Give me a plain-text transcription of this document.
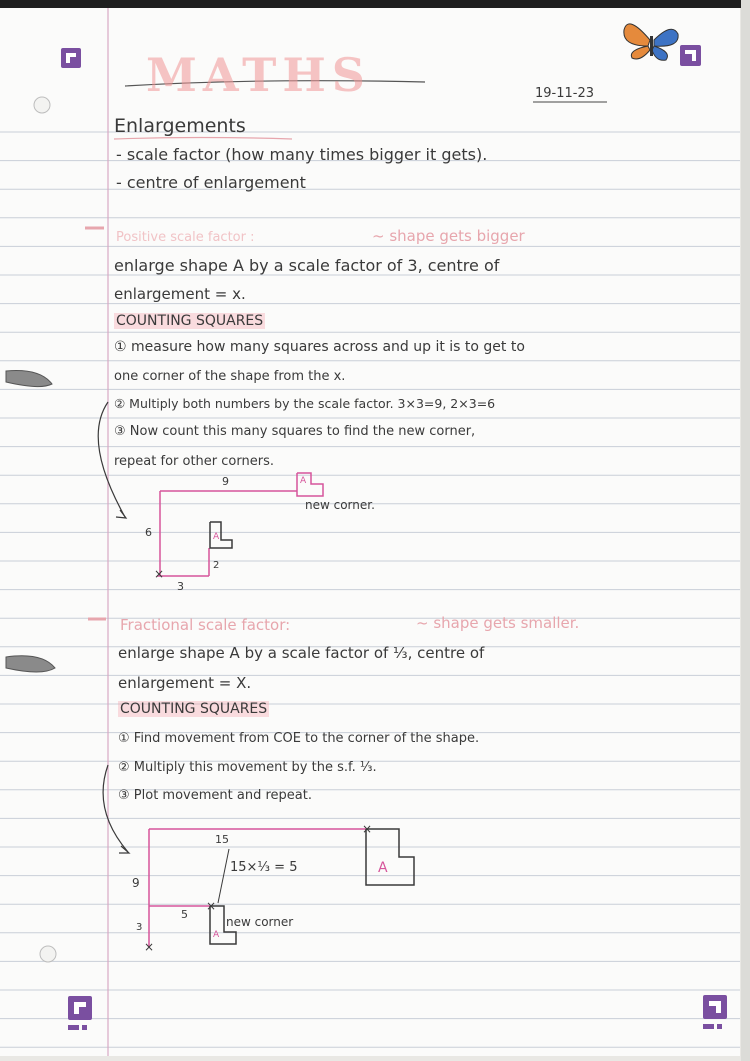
×
×
×
×
MATHS	19-11-23
Enlargements
- scale factor (how many times bigger it gets).
- centre of enlargement
Positive scale factor :	~ shape gets bigger
enlarge shape A by a scale factor of 3, centre of
enlargement = x.
COUNTING SQUARES
① measure how many squares across and up it is to get to
one corner of the shape from the x.
② Multiply both numbers by the scale factor. 3×3=9, 2×3=6
③ Now count this many squares to find the new corner,
repeat for other corners.
9
6
3
2
A
A
new corner.
Fractional scale factor:	~ shape gets smaller.
enlarge shape A by a scale factor of ⅓, centre of
enlargement = X.
COUNTING SQUARES
① Find movement from COE to the corner of the shape.
② Multiply this movement by the s.f. ⅓.
③ Plot movement and repeat.
15
15×⅓ = 5
9
5
3
A
A
new corner
